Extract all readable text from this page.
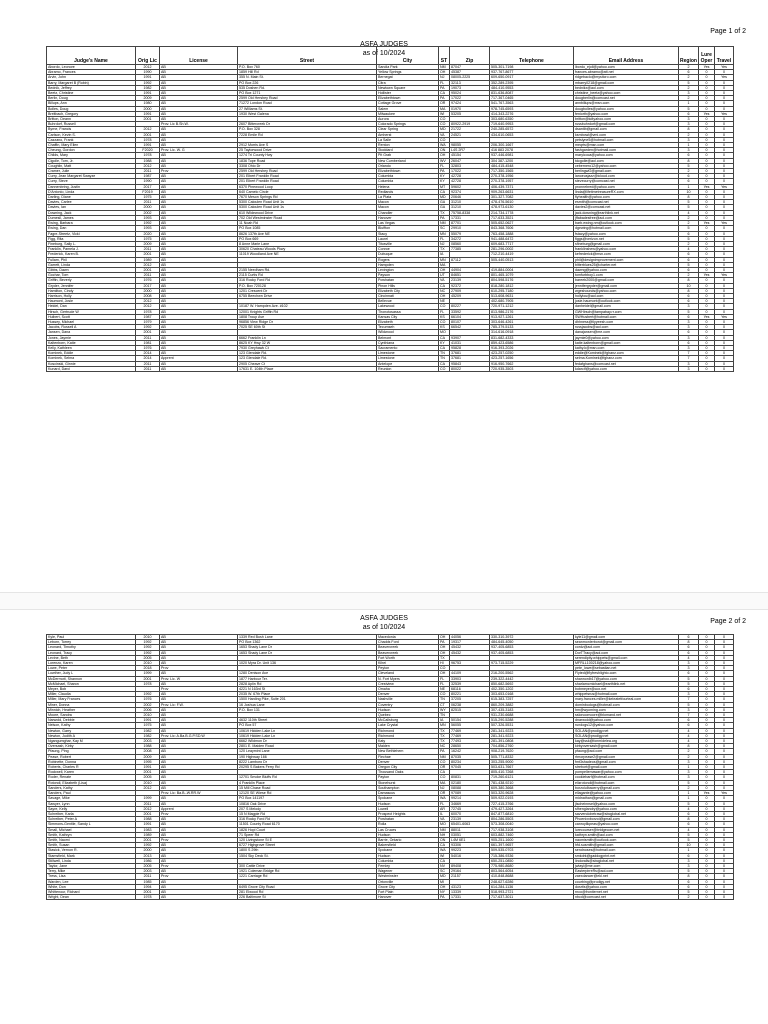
ASFA JUDGES
as of 10/2024
Page 1 of 2
Judge's Name	Orig Lic	License	Street	City	ST	Zip	Telephone	Email Address	Region	Lure Oper	Travel
Abordo, Leonore	2012	AB	P.O. Box 760	Sandia Park	NM	87047	505-301-7198	lbordo_ejoll@yahoo.com	2	Yes	Yes
Abramo, Frances	1990	AB	1859 Hill Rd	Yellow Springs	OH	45387	937-767-8677	frances.abramo@att.net	6	0	0
Arvin, John	1991	AB	355 N. Main St.	Bernegat	NJ	08005-2225	609-650-0917	ridgebaclo@mysticro.com	2	0	Yes
Barry, Margaret B (Robin)	1992	AB	PO Box 226	Citra	FL	32113	352-289-2395	mbarry0218@gmail.com	5	0	0
Bednik, Jeffrey	1982	AB	535 Doshen Rd.	Newtown Square	PA	19073	484-410-9553	bednikx@aol.com	2	0	0
Beetz, Christine	1991	AB	PO Box 1271	Hollister	CA	95024	831-636-8087	christine_beetz@yahoo.com	3	0	0
Berlin, Doug	2009	AB	2599 Old Hershey Road	Elizabethtown	PA	17022	717-367-0465	dougberlin@comcast.net	2	0	0
Billups, Ann	1980	AB	71272 London Road	Cottage Grove	OR	97424	541-767-3563	annbillups@msn.com	1	0	0
Bolles, Doug	2000	AB	27 Williams St.	Salem	MA	01970	978-745-6593	dougbolles@yahoo.com	5	0	0
Breitbach, Gregory	1991	AB	1930 West Galena	Milwaukee	WI	53205	414-343-2276	feniorth@yahoo.com	6	Yes	Yes
Britton, Deann	2001	AB		Aurora	CO		303-680-6350	britton@kdtyahoo.com	3	0	0
Buhrdorf, Russell		Prov. Lic B.Sh.W.	2607 Bittercreek Dr	Colorado Springs	CO	80922-2919	719-640-9953	russbuhrdorf@gmail.com	3	0	0
Byrne, Francis	2012	AB	P.O. Box 328	Clear Spring	MD	21722	240-285-6572	dsantib@gmail.com	8	0	0
Carlson, Kevin S.	2001	AB	7228 Emile Rd	Amherst	VA	24521	434-610-0653	ksmbowl@vmi.com	2	0	0
Cazzano, Frank	1978	AB		La Salle	CO			petslyne5@hotmail.com	3	0	0
Chaffin, Mary Ellen	1991	AB	2912 Morris Ave S	Renton	WA	98055	206-300-1667	meqrts@msn.com	1	0	0
Cheung, Gordon	F2020	Prov. Lic. W. G	25 Taylorwood Drive	Stoddard	ON	L4S 2R7	416 883 2078	fashgarden@hotmail.com	3	0	0
Childs, Mary	1978	AB	1274 Tri County Hwy	Pit Grab	OH	45154	937-446-6981	marylcoca@yahoo.com	6	0	0
Cigolle, Tom, Jr.	1988	AB	1836 Tope Road	New Cumberland	WV	26047	304 387-1200	tdcgolle@aol.com	8	0	0
Coughlin, Matt	2012	AB	3308 Ohio Dr	Orlando	FL	32803	484-415-4548	cebernero12@yahoo.com	5	0	0
Cramer, Julie	2011	Prov	2599 Old Hershey Road	Elizabethtown	PA	17022	717-350-1565	berlingwf2@gmail.com	2	0	0
Curry, Jean Margaret Swayze	1987	AB	201 Elbert Franklin Road	Columbia	KY	42728	270-378-1956	lanoeusjazz@icloud.com	6	0	0
Curry, Steve	1990	AB	201 Elbert Franklin Road	Columbia	KY	42728	270-378-1957	stevecurry@comcast.net	6	0	0
Dannenbring, Justin	2017	AB	6370 Pinewood Loop	Helena	MT	59602	406-439-7371	pronnebred@yahoo.com	1	Yes	Yes
D'Antonio, Linda	F2019	AB	640 Camelo Circle	Redlands	CA	92374	909-263-6631	linda@lifetimetreasureRX.com	10	0	0
Darling, Diane	1975	AB	7670 Meson Springs Rd	La Plata	MD	20646	301-327-7082	flyhealth@yahoo.com	8	0	0
Davies, Carlee	2011	AB	5300 Caloulen Road Unit 1s	Macon	GA	31210	478-476-5610	esmith@comcast.net	5	0	0
Davies, Ian	2000	AB	5300 Caloulen Road Unit 1s	Macon	GA	31210	478-973-6130	davies2@comcast.net	5	0	0
Downing, Jack	2002	AB	610 Wildewood Drive	Chandler	TX	75758-8338	214-734-1778	jack.downing@earthlink.net	4	0	0
Dumesil, James	1993	AB	702 Old Westminster Road	Hanover	PA	17331	717-633-3521	jffabadesfree@aol.com	2	0	0
Ewing, Barbara	1992	AB	11 Noah Rd	Las Vegas	NM	87701	505-652-0627	barb.ewing.nm@outlook.com	2	Yes	Yes
Ewing, Dan	1993	AB	PO Box 1085	Bluffton	SC	29910	843-368-7606	dgewing@hotmail.com	5	0	0
Fagre-Streetz, Vicki	2020	AB	8626 137th Ave NE	Stacy	MN	55079	763-458-1888	fstacy@yahoo.com	6	0	0
Figg, Rita	1975	AB	PO Box 669	Laurel	FL	34272	941-488-6472	figgs@verizon.net	5	0	0
Fineburg, Sally L.	2009	AB	8 Anne Marie Lane	Titusville	NJ	08560	609-683-7717	sfineburg@gmail.com	2	0	0
Franklin, Pamela J.	2011	AB	30620 Chateau Woods Pkwy	Conroe	TX	77385	281-296-0002	franklinshew@yahoo.com	4	0	0
Frederick, Karen B.	2001	AB	11019 Woodland Ave NE	Dubuque	IA		712-210-4419	kefrederick@msn.com	6	0	0
Fullam, Phil	1989	AB		Rogers	MN	87112	505-440-0513	phil@designimprovement.com	6	0	0
Garrett, Linda	2012	AB		Hampden	MA			bitterblues25@charter.net	5	0	0
Gibbs, Dawn	2001	AB	2155 Needham Rd.	Lexington	OH	44904	419-884-0004	dawng@yahoo.com	6	0	0
Gochar, Tom	2011	AB	2115 Curtis Rd	Payson	UT	84651	801-465-1079	tomfurbboy1.com	2	Yes	Yes
Griffin, Beverly	1976	AB	316 Rocky Ford Rd	Powhatan	VA	23139	804-598-5176	bareeb2000@gmail.com	8	0	0
Gryder, Jennifer	2017	AB	P.O. Box 720128	Pinon Hills	CA	92372	818-280-1812	jennifergryder@gmail.com	10	0	0
Hamilton, Cindy	2000	AB	1201 Crescent Dr	Elizabeth City	NC	27909	610-295-7180	wgeshounds@yahoo.com	8	0	0
Harrison, Holly	2008	AB	6755 Beechwn Drive	Cincinnati	OH	45209	513-608-9631	hollylou@aol.com	6	0	0
Haumont, Josie	2012	AB		Bellevue	NE		402-680-7905	josie.haumont@outlook.com	6	0	0
Heidel, Dan	2012	AB	10187 W. Hampden Ave. #102	Lakewood	CO	80227	720-971-1212	danheidel@gmail.com	3	0	0
Hirsch, Gertrude W	1978	AB	12001 Knights Griffin Rd	Thonotosassa	FL	33592	813-986-2176	GWHirsch@tampabay.rr.com	5	0	0
Hulbert, Scott	1987	AB	1808 Troup Ave	Kansas City	KS	66104	913-927-1261	SWHusbert@hotmail.com	6	Yes	Yes
Hussey, Michael	1979	AB	96856 View Ridge Dr	Elizabeth	CO	80107	303-646-4261	dhhness@tlyyeesh.com	3	0	0
Jacobs, Russell A	1992	AB	7025 SE 60th St	Tecumseh	KS	66542	785-379-5133	russjacobs@aol.com	3	0	0
Jansen, Dana	2001	AB		Wildwood	MO		314-616-0918	danajansen@me.com	6	0	0
Jones, Jaymie	2011	AB	6662 Franklin Ln	Belmont	CA	93907	831-682-4333	jaymie0@yahoo.com	3	0	0
Kaltenborn, Katie	1981	AB	8625 KY Hwy 32 W	Cynthiana	KY	41031	859-423-6586	katie.kaltenborn@gmail.com	6	0	0
Kelly, Kathleen	1976	AB	7930 Greyhawk Ct	Sacramento	CA	95828	916-393-2026	kathy.k@msn.com	3	0	0
Kominek, Eddie	2014	AB	123 Glendale Rd.	Limestone	TN	37681	423-257-0250	eddie@Kominek@fghanz.com	7	0	0
Kominek, Selma	2014	Apprent	123 Glendale Rd.	Limestone	TN	37681	423-257-1656	selma.Kominek@fghanz.com	7	0	0
Koscinski, Ginnie	2011	AB	2905 Cheave Ct	Antelope	CA	95843	916-950-7662	fedafghans@comcast.net	3	0	0
Kunard, Darci	2011	AB	17631 E. 104th Place	Reunion	CO	80022	720-935-3503	kdarcif@yahoo.com	3	0	0
ASFA JUDGES
as of 10/2024
Page 2 of 2
Kyle, Paul	2010	AB	1339 Red Bush Lane	Macedonia	OH	44056	330-310-3972	kyle11@gmail.com	6	0	0
Leborn, Torrey	1992	AB	PO Box 1362	Chadds Ford	PA	19317	484-645-4050	seanmonlerborot@gmail.com	8	0	0
Leonard, Timothy	1992	AB	1653 Shady Lane Dr	Beavercreek	OH	45432	937-405-6853	cordz@aol.com	6	0	0
Leonard, Tracy	1992	AB	1653 Shady Lane Dr	Beavercreek	OH	45432	937-405-6853	DorTTracy@aol.com	6	0	0
Levine, Beth	2005	AB		Fort Worth	TX			serendipity.whippets@gmail.com	4	0	0
Lorenzo, Karen	2010	AB	1020 Myra Dr. Unit 136	Kihei	HI	96753	973-715-5229	MFRLL100218@yahoo.com	3	0	0
Lowe, Peter	2018	Prov		Peyton	CO			pete_lowe@sebastian.net	3	0	0
Lowther, Judy L	1999	AB	1280 Denison Ave	Cleveland	OH	44109	216-200-5562	Flyted@flyfreshlighto.com	6	0	0
McDermott, Shannon	2001	Prov. Lic. W	1877 Harbour Ter.	N. Fort Myers	FL	33903	239-322-4442	shannonlb17@yahoo.com	5	0	0
McMichael, Sharon	1978	AB	2828 Aplin Rd	Crestview	FL	32539	850-682-5692	sharlamcmichael@earthlink.net	5	0	0
Meyer, Bob		Prov	4221 N 163rd St	Omaha	NE	68116	402-350-1202	bobmeyer@cox.net	6	0	0
Miller, Claudia	1992	AB	2035 W. 67th Place	Denver	CO	80221	303-653-0168	whippetsrus@hotmail.com	3	0	0
Miller, Mary Frances	1976	AB	1500 Harding Pike, Suite 201	Nashville	TN	37205	615-383-7257	mary.frances.miller@keleatetfourteal.com	7	0	0
Miner, Donna	2002	Prov. Lic: F.W.	16 Joshua Lane	Coventry	CT	06238	860-209-3882	dominbodogs@hotmail.com	5	0	0
Minnich, Heather	2006	AB	P.O. Box 131	Hudson	WY	82515	307-435-3183	hm@wyoming.com	3	0	0
Moore, Sandra	2010	AB		Quebec	TN		931-230-6688	sslonoomoore@blomand.net	7	0	0
Narwold, Debbie	1991	AB	4632 110th Street	McCallsburg	IA	50154	515-290-5288	dnarwold@yahoo.com	6	0	0
Nelson, Kathy	1975	AB	PO Box 57	Lake Crystal	MN	56055	507-326-5531	rundogs12@yahoo.com	6	0	0
Newton, Garry	1982	AB	10619 Hidden Lake Ln	Richmond	TX	77469	281-341-9223	SOLAN@prodigy.net	4	0	0
Newton, Judith A	1982	Prov. Lic: A.Ba.B.G.P.SD.W	10619 Hidden Lake Ln	Richmond	TX	77469	281-341-9223	SOLAN@prodigy.net	4	0	0
Ngangumghar, Kay M	2003	AB	6662 Wildmon Dr	Katy	TX	77493	281-391-0808	kay@ssk@fonmidelea.org	4	0	0
Oversash, Kirby	1988	AB	2801 E. Maiden Road	Maiden	NC	28650	704-856-2760	kirbyoversash@gmail.com	8	0	0
Pfaung, Ping	2008	AB	120 Leaymint Lane	New Bethlehem	PA	16242	908-219-7620	pfaung@aol.com	2	0	0
Pease, Robert	2009	AB	190 Highway 166	Flechae	NM	87035	505-771-8332	rtmorpease2@gmail.com	2	0	0
Robinette, Donna	1995	AB	8222 Lamboro Dr	Denver	CO	80234	303-255-9000	fmt3shadeos@gmail.com	3	0	0
Roberts, Charles R	1991	AB	20295 S Bakers Ferry Rd	Oregon City	OR	97045	503-631-7667	strebort@gmail.com	1	0	0
Rockwell, Karen	2001	AB		Thousand Oaks	CA		805-410-7268	pompeliemawar@yahoo.com	3	0	0
Roder, Renate	2005	AB	12701 Smoke Bluffs Rd	Payton	CO	80831	719-260-6121	cookiebarf@hotmail.com	3	0	0
Rotondi, Elizabeth (Lisa)	2010	AB	4 Franklin Place	Stonehurst	MA	02180	781-438-9210	elizrotondi@hotmail.com	5	0	0
Sanders, Kathy	2012	AB	15 Mill Chase Road	Southampton	NJ	08088	609-380-3668	borzoiulbacerry@gmail.com	2	0	0
Sanders, Paul		Prov. Lic: Ba.B.-W.RR.W	12120 SE Wiese Rd	Damascus	OR	97089	503-320-9628	ellagante@yahoo.com	1	Yes	Yes
Savage, Mike	1999	AB	PO Box 141197	Spokane	WA	99214	509-922-0193	midnathan@gmail.com	1	0	0
Sawyer, Lynn	2011	AB	10816 Oak Drive	Hudson	FL	34669	727-415-3766	jlsoheinnsel@yahoo.com	5	0	0
Sayre, Kelly	2012	Apprent	207 S Melody	Lowell	AR	72745	479-427-3264	sfhenglandry@yahoo.com	4	0	0
Schreiber, Karla	2001	Prov	15 N Magpie Rd	Prospect Heights	IL	60070	847-877-6810	savvendobetraw@sbcglobal.net	6	0	0
Schreiber, Peter A	1988	AB	316 Rocky Ford Rd	Powhatan	VA	23139	804-286-5503	Phoenixxborzoi@gmail.com	8	0	0
Simmons-Gentile, Sandy L	1991	AB	11501 County Road 6170	Rolla	MO	65401-6063	573-308-0040	canroylikpeas@yahoo.com	6	0	0
Small, Michael	1983	AB	1826 Hopi Court	Las Cruces	NM	88011	717-938-3108	lurecourser@bridgecom.net	4	0	0
Smith, Kathryn	1989	AB	71 Speer Rd	Hudson	NH	03051	603-882-7460	kathryn.smith@aol.com	5	0	0
Smith, Naomi	2001	Prov	120 Livingstone St E	Barrie, Ontario	ON	L4M 6E1	905-251-1600	naomismith@outlook.com	5	0	0
Smith, Susan	1992	AB	6727 Highgrove Street	Bakersfield	CA	93306	661-397-9657	hfd.susmith@gmail.com	10	0	0
Stasick, Vernon R.	2000	AB	1800 S 29th	Spokane	WA	99223	509-535-0703	sendnoses@hotmail.com	1	0	0
Stamsfield, Mark	2013	AB	1504 Sky Deck St.	Hudson	WI	54016	715-386-9336	smkdrk@gaddogprint.net	6	0	0
Stillwell, Linda	1986	AB		Columbia	CA		650-251-0850	lindoralls@sbcglobal.net	3	0	0
Taylor, Jane	2005	Prov	300 Cattle Drive	Fernley	NV	89408	775-980-8680	jwtayl@me.com	3	0	0
Terry, Mike	2003	AB	1921 Coleman Bridge Rd	Wagener	SC	29164	803-564-6054	EasterpirreRs@aol.com	5	0	0
Tress, Lisa	2011	Prov	1221 Carriage Rd	Westminster	MD	21157	410-848-8688	zaexdancer@ekl.net	8	0	0
Warden, Lee	1985	AB		Ortonville	MI		248-627-6286	courbing@prodigy.net	6	0	0
White, Don	1994	AB	6495 Grove City Road	Grove City	OH	43123	614-284-1136	dosrtis@yahoo.com	6	0	0
Whittenour, Richard	2001	AB	281 Elwood Rd	Fort Plain	NY	13339	518-993-2721	rnco@frontiernet.net	5	0	0
Wright, Dean	1978	AB	226 Baltimore St	Hanover	PA	17331	717-637-3011	nbcd@comcast.net	2	0	0
